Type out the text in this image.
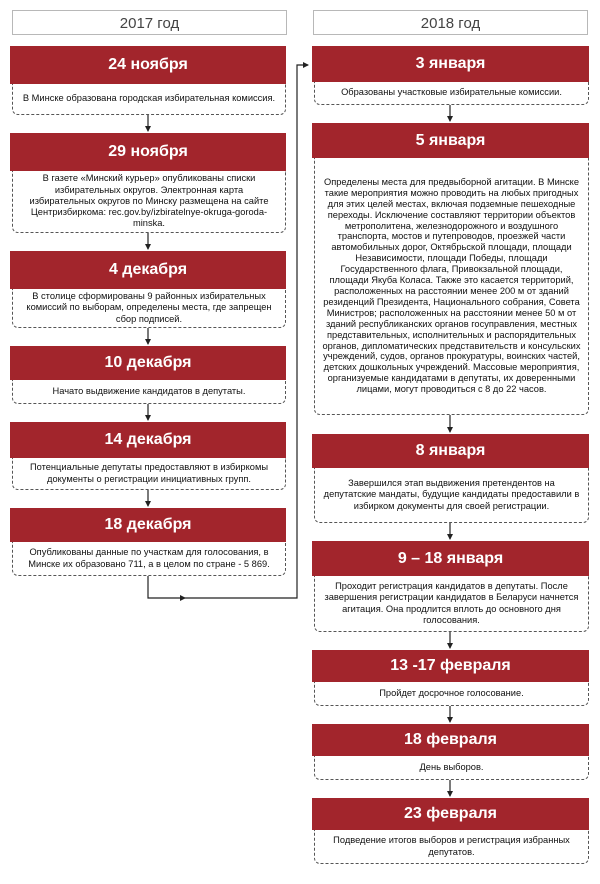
2017 год	2018 год
24 ноября
В Минске образована городская избирательная комиссия.
29 ноября
В газете «Минский курьер» опубликованы списки избирательных округов. Электронная карта избирательных округов по Минску размещена на сайте Центризбиркома: rec.gov.by/izbiratelnye-okruga-goroda-minska.
4 декабря
В столице сформированы 9 районных избирательных комиссий по выборам, определены места, где запрещен сбор подписей.
10 декабря
Начато выдвижение кандидатов в депутаты.
14 декабря
Потенциальные депутаты предоставляют в избиркомы документы о регистрации инициативных групп.
18 декабря
Опубликованы данные по участкам для голосования, в Минске их образовано 711, а в целом по стране - 5 869.
3 января
Образованы участковые избирательные комиссии.
5 января
Определены места для предвыборной агитации. В Минске такие мероприятия можно проводить на любых пригодных для этих целей местах, включая подземные пешеходные переходы. Исключение составляют территории объектов метрополитена, железнодорожного и воздушного транспорта, мостов и путепроводов, проезжей части автомобильных дорог, Октябрьской площади, площади Независимости, площади Победы, площади Государственного флага, Привокзальной площади, площади Якуба Коласа. Также это касается территорий, расположенных на расстоянии менее 200 м от зданий резиденций Президента, Национального собрания, Совета Министров; расположенных на расстоянии менее 50 м от зданий республиканских органов госуправления, местных представительных, исполнительных и распорядительных органов, дипломатических представительств и консульских учреждений, судов, органов прокуратуры, воинских частей, детских дошкольных учреждений. Массовые мероприятия, организуемые кандидатами в депутаты, их доверенными лицами, могут проводиться с 8 до 22 часов.
8 января
Завершился этап выдвижения претендентов на депутатские мандаты, будущие кандидаты предоставили в избирком документы для своей регистрации.
9 – 18 января
Проходит регистрация кандидатов в депутаты. После завершения регистрации кандидатов в Беларуси начнется агитация. Она продлится вплоть до основного дня голосования.
13 -17 февраля
Пройдет досрочное голосование.
18 февраля
День выборов.
23 февраля
Подведение итогов выборов и регистрация избранных депутатов.
